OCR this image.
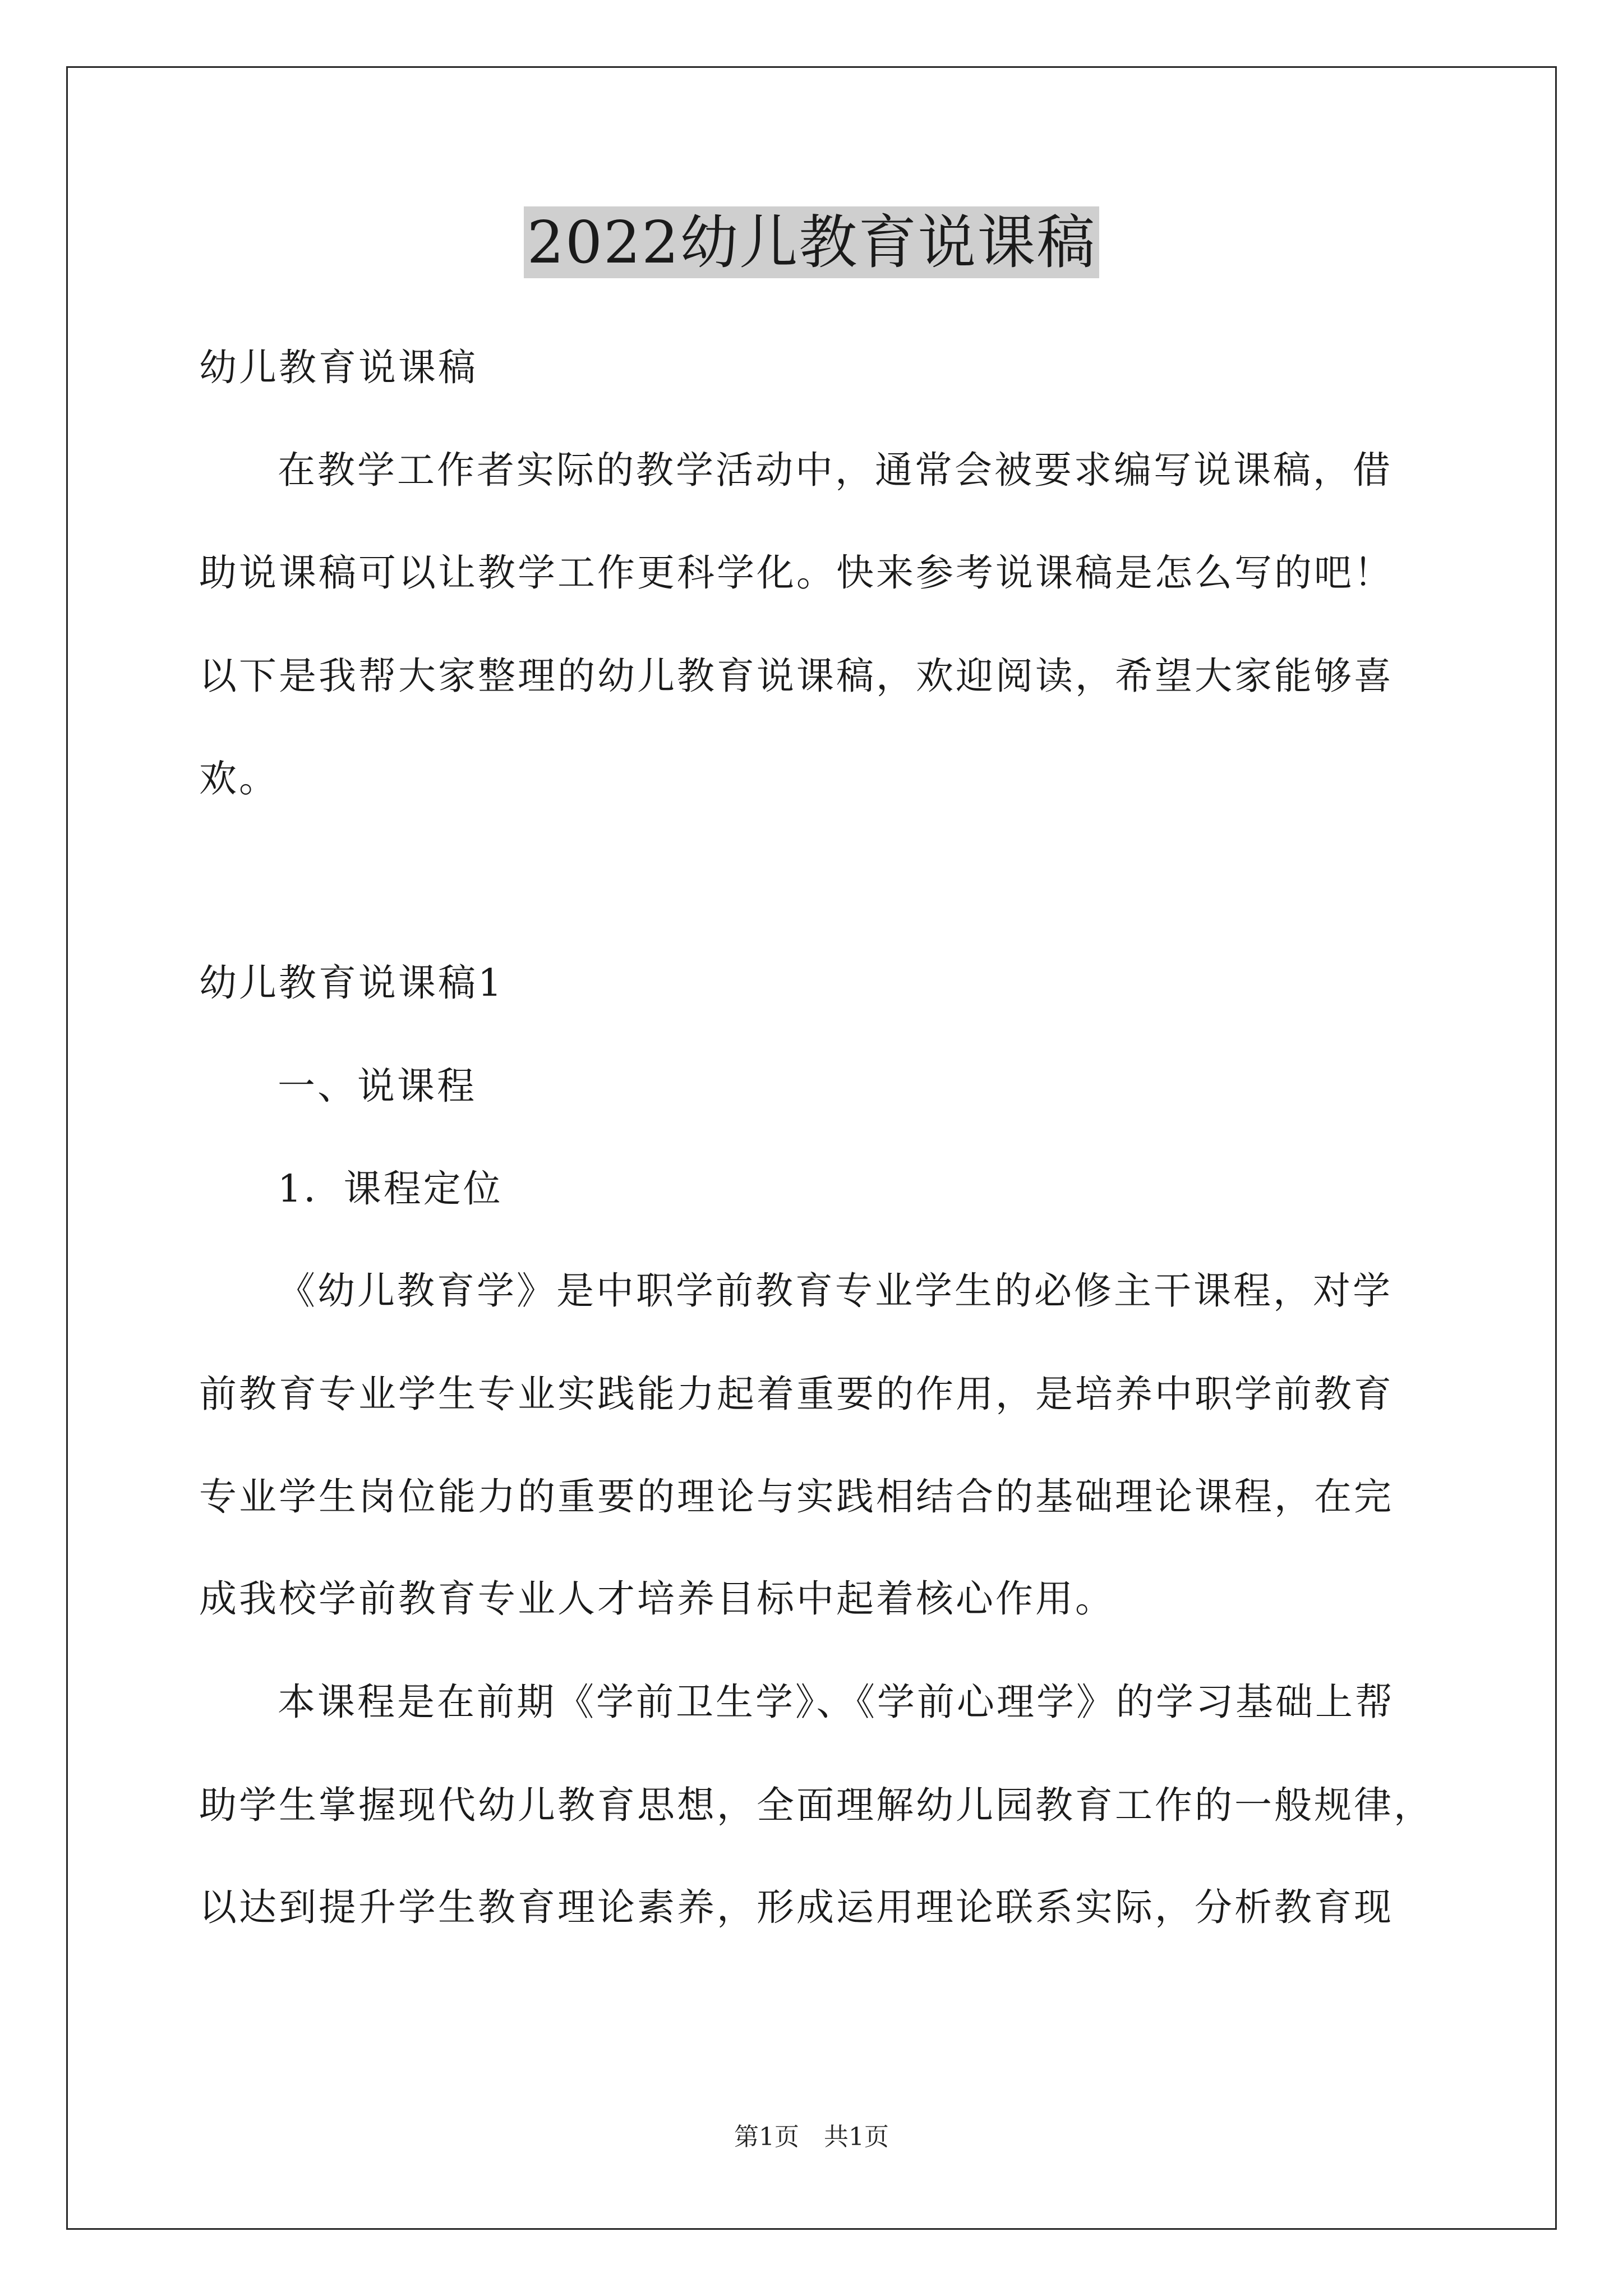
2022幼儿教育说课稿
幼儿教育说课稿
在教学工作者实际的教学活动中，通常会被要求编写说课稿，借
助说课稿可以让教学工作更科学化。快来参考说课稿是怎么写的吧！
以下是我帮大家整理的幼儿教育说课稿，欢迎阅读，希望大家能够喜
欢。
幼儿教育说课稿1
一、说课程
1．课程定位
《幼儿教育学》是中职学前教育专业学生的必修主干课程，对学
前教育专业学生专业实践能力起着重要的作用，是培养中职学前教育
专业学生岗位能力的重要的理论与实践相结合的基础理论课程，在完
成我校学前教育专业人才培养目标中起着核心作用。
本课程是在前期《学前卫生学》、《学前心理学》的学习基础上帮
助学生掌握现代幼儿教育思想，全面理解幼儿园教育工作的一般规律，
以达到提升学生教育理论素养，形成运用理论联系实际，分析教育现
第1页　共1页
